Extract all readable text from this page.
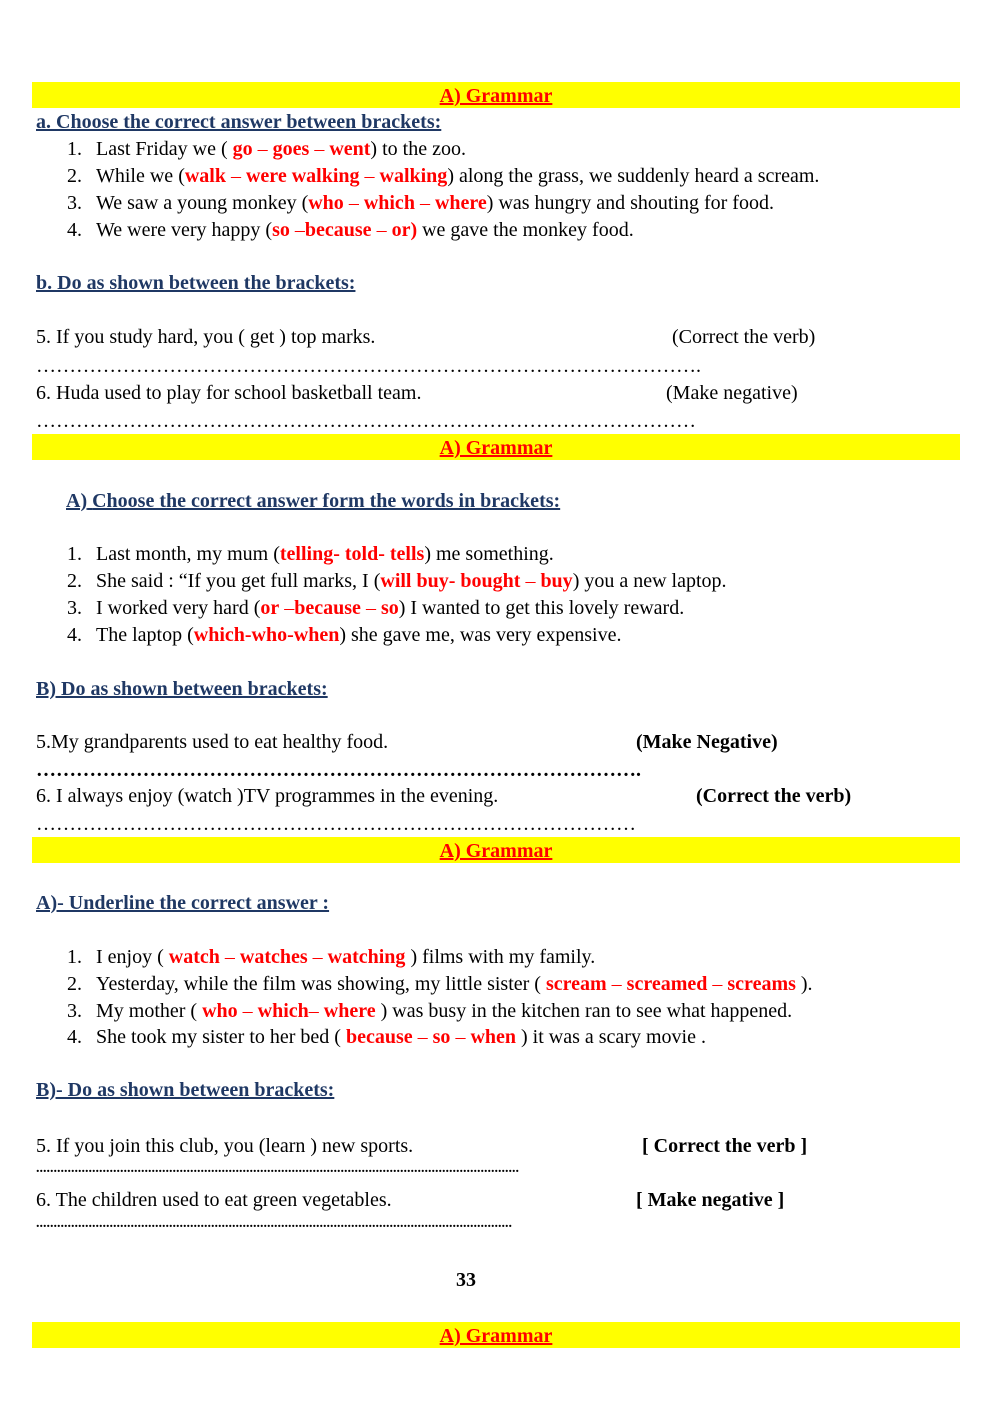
A) Grammar
a. Choose the correct answer between brackets:
1. Last Friday we ( go – goes – went) to the zoo.
2. While we (walk – were walking – walking) along the grass, we suddenly heard a scream.
3. We saw a young monkey (who – which – where) was hungry and shouting for food.
4. We were very happy (so –because – or) we gave the monkey food.
b. Do as shown between the brackets:
5. If you study hard, you ( get ) top marks.	(Correct the verb)
……………………………………………………………………………………….
6. Huda used to play for school basketball team.	(Make negative)
………………………………………………………………………………………
A) Grammar
A) Choose the correct answer form the words in brackets:
1. Last month, my mum (telling- told- tells) me something.
2. She said : “If you get full marks, I (will buy- bought – buy) you a new laptop.
3. I worked very hard (or –because – so) I wanted to get this lovely reward.
4. The laptop (which-who-when) she gave me, was very expensive.
B) Do as shown between brackets:
5.My grandparents used to eat healthy food.	(Make Negative)
……………………………………………………………………………….
6. I always enjoy (watch )TV programmes in the evening.	(Correct the verb)
………………………………………………………………………………
A) Grammar
A)- Underline the correct answer :
1. I enjoy ( watch – watches – watching ) films with my family.
2. Yesterday, while the film was showing, my little sister ( scream – screamed – screams ).
3. My mother ( who – which– where ) was busy in the kitchen ran to see what happened.
4. She took my sister to her bed ( because – so – when ) it was a scary movie .
B)- Do as shown between brackets:
5. If you join this club, you (learn ) new sports.	[ Correct the verb ]
..........................................................................................................................................
6. The children used to eat green vegetables.	[ Make negative ]
........................................................................................................................................
33
A) Grammar
